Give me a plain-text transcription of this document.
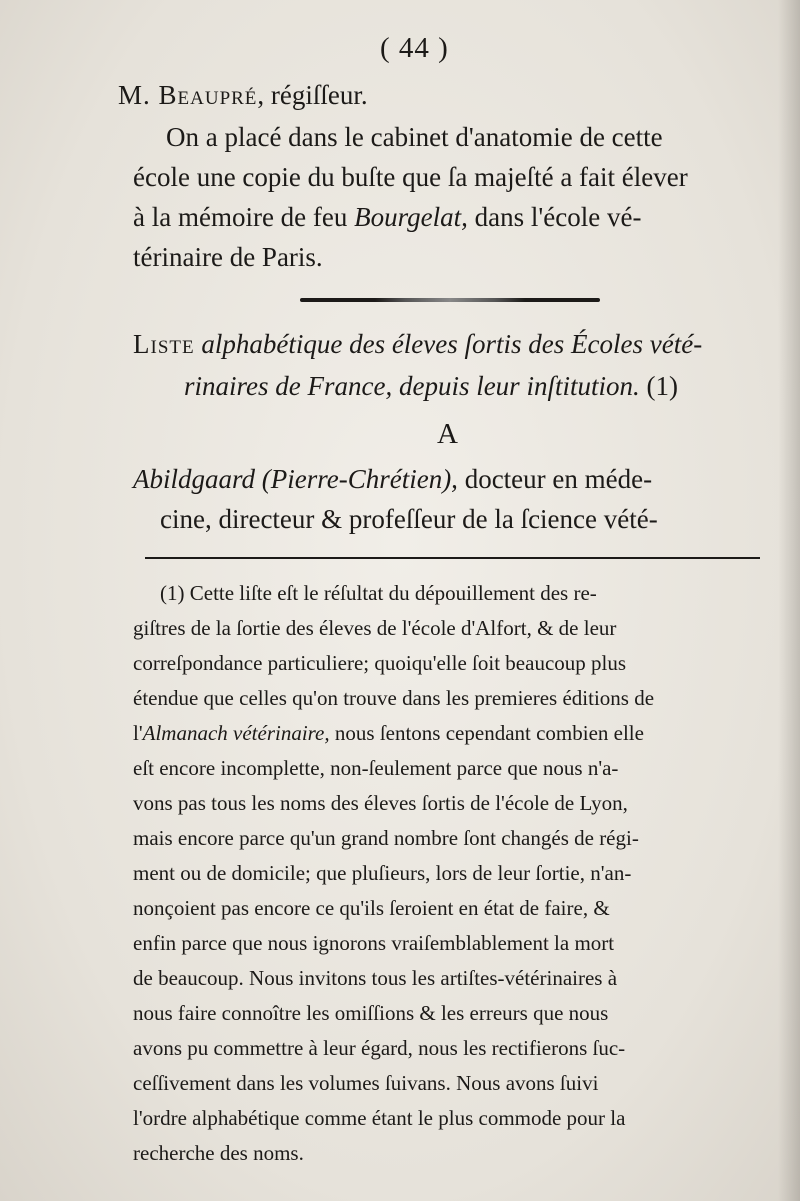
( 44 )
M. Beaupré, régiſſeur.
On a placé dans le cabinet d'anatomie de cette
école une copie du buſte que ſa majeſté a fait élever
à la mémoire de feu Bourgelat, dans l'école vé-
térinaire de Paris.
Liste alphabétique des éleves ſortis des Écoles vété-
rinaires de France, depuis leur inſtitution. (1)
A
Abildgaard (Pierre-Chrétien), docteur en méde-
cine, directeur & profeſſeur de la ſcience vété-
(1) Cette liſte eſt le réſultat du dépouillement des re-
giſtres de la ſortie des éleves de l'école d'Alfort, & de leur
correſpondance particuliere; quoiqu'elle ſoit beaucoup plus
étendue que celles qu'on trouve dans les premieres éditions de
l'Almanach vétérinaire, nous ſentons cependant combien elle
eſt encore incomplette, non-ſeulement parce que nous n'a-
vons pas tous les noms des éleves ſortis de l'école de Lyon,
mais encore parce qu'un grand nombre ſont changés de régi-
ment ou de domicile; que pluſieurs, lors de leur ſortie, n'an-
nonçoient pas encore ce qu'ils ſeroient en état de faire, &
enfin parce que nous ignorons vraiſemblablement la mort
de beaucoup. Nous invitons tous les artiſtes-vétérinaires à
nous faire connoître les omiſſions & les erreurs que nous
avons pu commettre à leur égard, nous les rectifierons ſuc-
ceſſivement dans les volumes ſuivans. Nous avons ſuivi
l'ordre alphabétique comme étant le plus commode pour la
recherche des noms.
